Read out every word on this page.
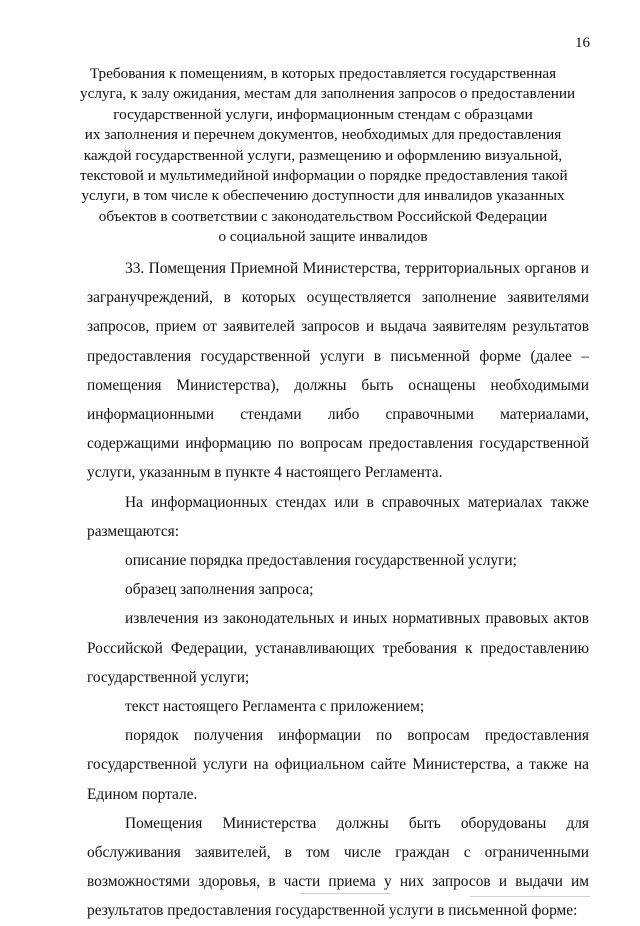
16
Требования к помещениям, в которых предоставляется государственная
услуга, к залу ожидания, местам для заполнения запросов о предоставлении
государственной услуги, информационным стендам с образцами
их заполнения и перечнем документов, необходимых для предоставления
каждой государственной услуги, размещению и оформлению визуальной,
текстовой и мультимедийной информации о порядке предоставления такой
услуги, в том числе к обеспечению доступности для инвалидов указанных
объектов в соответствии с законодательством Российской Федерации
о социальной защите инвалидов

33. Помещения Приемной Министерства, территориальных органов и загранучреждений, в которых осуществляется заполнение заявителями запросов, прием от заявителей запросов и выдача заявителям результатов предоставления государственной услуги в письменной форме (далее – помещения Министерства), должны быть оснащены необходимыми информационными стендами либо справочными материалами, содержащими информацию по вопросам предоставления государственной услуги, указанным в пункте 4 настоящего Регламента.

На информационных стендах или в справочных материалах также размещаются:

описание порядка предоставления государственной услуги;

образец заполнения запроса;

извлечения из законодательных и иных нормативных правовых актов Российской Федерации, устанавливающих требования к предоставлению государственной услуги;

текст настоящего Регламента с приложением;

порядок получения информации по вопросам предоставления государственной услуги на официальном сайте Министерства, а также на Едином портале.

Помещения Министерства должны быть оборудованы для обслуживания заявителей, в том числе граждан с ограниченными возможностями здоровья, в части приема у них запросов и выдачи им результатов предоставления государственной услуги в письменной форме:
